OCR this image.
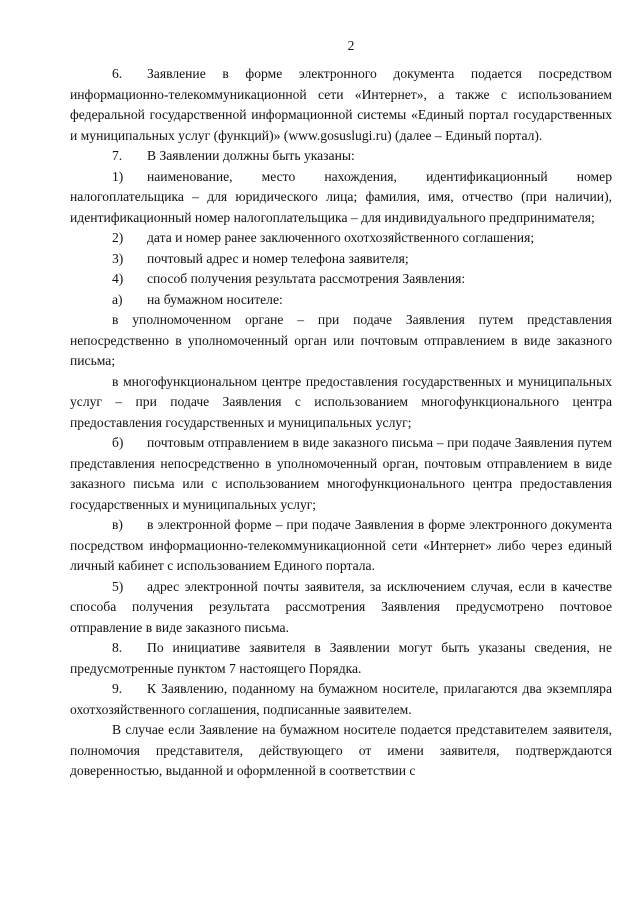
2

6. Заявление в форме электронного документа подается посредством информационно-телекоммуникационной сети «Интернет», а также с использованием федеральной государственной информационной системы «Единый портал государственных и муниципальных услуг (функций)» (www.gosuslugi.ru) (далее – Единый портал).

7. В Заявлении должны быть указаны:

1) наименование, место нахождения, идентификационный номер налогоплательщика – для юридического лица; фамилия, имя, отчество (при наличии), идентификационный номер налогоплательщика – для индивидуального предпринимателя;

2) дата и номер ранее заключенного охотхозяйственного соглашения;

3) почтовый адрес и номер телефона заявителя;

4) способ получения результата рассмотрения Заявления:

а) на бумажном носителе:

в уполномоченном органе – при подаче Заявления путем представления непосредственно в уполномоченный орган или почтовым отправлением в виде заказного письма;

в многофункциональном центре предоставления государственных и муниципальных услуг – при подаче Заявления с использованием многофункционального центра предоставления государственных и муниципальных услуг;

б) почтовым отправлением в виде заказного письма – при подаче Заявления путем представления непосредственно в уполномоченный орган, почтовым отправлением в виде заказного письма или с использованием многофункционального центра предоставления государственных и муниципальных услуг;

в) в электронной форме – при подаче Заявления в форме электронного документа посредством информационно-телекоммуникационной сети «Интернет» либо через единый личный кабинет с использованием Единого портала.

5) адрес электронной почты заявителя, за исключением случая, если в качестве способа получения результата рассмотрения Заявления предусмотрено почтовое отправление в виде заказного письма.

8. По инициативе заявителя в Заявлении могут быть указаны сведения, не предусмотренные пунктом 7 настоящего Порядка.

9. К Заявлению, поданному на бумажном носителе, прилагаются два экземпляра охотхозяйственного соглашения, подписанные заявителем.

В случае если Заявление на бумажном носителе подается представителем заявителя, полномочия представителя, действующего от имени заявителя, подтверждаются доверенностью, выданной и оформленной в соответствии с
